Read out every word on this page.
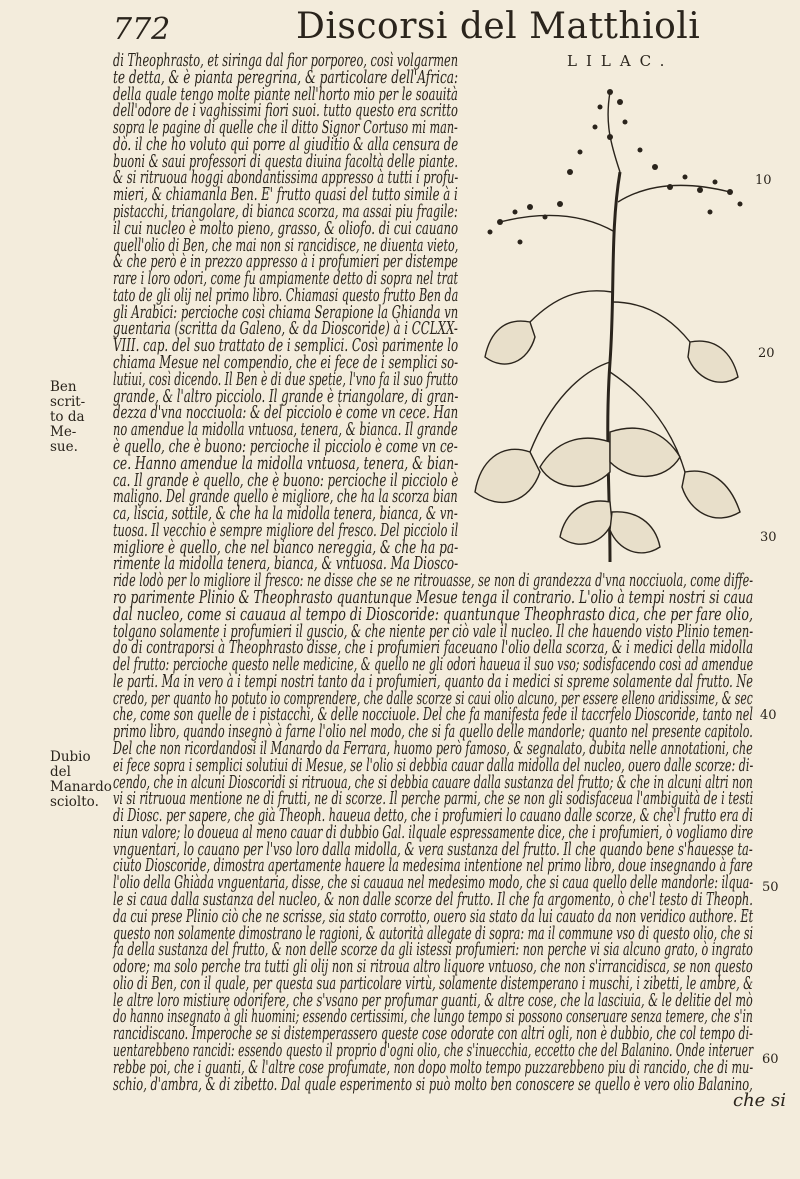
772	Discorsi del Matthioli
LILAC.
10
20
30
40
50
60
Ben scrit-
to da Me-
sue.
Dubio del
Manardo
sciolto.
di Theophrasto, et siringa dal fior porporeo, così volgarmen
te detta, & è pianta peregrina, & particolare dell'Africa:
della quale tengo molte piante nell'horto mio per le soauità
dell'odore de i vaghissimi fiori suoi. tutto questo era scritto
sopra le pagine di quelle che il ditto Signor Cortuso mi man-
dò. il che ho voluto qui porre al giuditio & alla censura de
buoni & saui professori di questa diuina facoltà delle piante.
& si ritruoua hoggi abondantissima appresso à tutti i profu-
mieri, & chiamanla Ben. E' frutto quasi del tutto simile à i
pistacchi, triangolare, di bianca scorza, ma assai piu fragile:
il cui nucleo è molto pieno, grasso, & oliofo. di cui cauano
quell'olio di Ben, che mai non si rancidisce, ne diuenta vieto,
& che però è in prezzo appresso à i profumieri per distempe
rare i loro odori, come fu ampiamente detto di sopra nel trat
tato de gli olij nel primo libro. Chiamasi questo frutto Ben da
gli Arabici: percioche così chiama Serapione la Ghianda vn
guentaria (scritta da Galeno, & da Dioscoride) à i CCLXX-
VIII. cap. del suo trattato de i semplici. Così parimente lo
chiama Mesue nel compendio, che ei fece de i semplici so-
lutiui, così dicendo. Il Ben è di due spetie, l'vno fa il suo frutto
grande, & l'altro picciolo. Il grande è triangolare, di gran-
dezza d'vna nocciuola: & del picciolo è come vn cece. Han
no amendue la midolla vntuosa, tenera, & bianca. Il grande
è quello, che è buono: percioche il picciolo è come vn ce-
ce. Hanno amendue la midolla vntuosa, tenera, & bian-
ca. Il grande è quello, che è buono: percioche il picciolo è
maligno. Del grande quello è migliore, che ha la scorza bian
ca, liscia, sottile, & che ha la midolla tenera, bianca, & vn-
tuosa. Il vecchio è sempre migliore del fresco. Del picciolo il
migliore è quello, che nel bianco nereggia, & che ha pa-
rimente la midolla tenera, bianca, & vntuosa. Ma Diosco-
ride lodò per lo migliore il fresco: ne disse che se ne ritrouasse, se non di grandezza d'vna nocciuola, come diffe-
ro parimente Plinio & Theophrasto quantunque Mesue tenga il contrario. L'olio à tempi nostri si caua
dal nucleo, come si cauaua al tempo di Dioscoride: quantunque Theophrasto dica, che per fare olio,
tolgano solamente i profumieri il guscio, & che niente per ciò vale il nucleo. Il che hauendo visto Plinio temen-
do di contraporsi à Theophrasto disse, che i profumieri faceuano l'olio della scorza, & i medici della midolla
del frutto: percioche questo nelle medicine, & quello ne gli odori haueua il suo vso; sodisfacendo così ad amendue
le parti. Ma in vero à i tempi nostri tanto da i profumieri, quanto da i medici si spreme solamente dal frutto. Ne
credo, per quanto ho potuto io comprendere, che dalle scorze si caui olio alcuno, per essere elleno aridissime, & sec
che, come son quelle de i pistacchi, & delle nocciuole. Del che fa manifesta fede il taccrfelo Dioscoride, tanto nel
primo libro, quando insegnò à farne l'olio nel modo, che si fa quello delle mandorle; quanto nel presente capitolo.
Del che non ricordandosi il Manardo da Ferrara, huomo però famoso, & segnalato, dubita nelle annotationi, che
ei fece sopra i semplici solutiui di Mesue, se l'olio si debbia cauar dalla midolla del nucleo, ouero dalle scorze: di-
cendo, che in alcuni Dioscoridi si ritruoua, che si debbia cauare dalla sustanza del frutto; & che in alcuni altri non
vi si ritruoua mentione ne di frutti, ne di scorze. Il perche parmi, che se non gli sodisfaceua l'ambiguità de i testi
di Diosc. per sapere, che già Theoph. haueua detto, che i profumieri lo cauano dalle scorze, & che'l frutto era di
niun valore; lo doueua al meno cauar di dubbio Gal. ilquale espressamente dice, che i profumieri, ò vogliamo dire
vnguentari, lo cauano per l'vso loro dalla midolla, & vera sustanza del frutto. Il che quando bene s'hauesse ta-
ciuto Dioscoride, dimostra apertamente hauere la medesima intentione nel primo libro, doue insegnando à fare
l'olio della Ghiàda vnguentaria, disse, che si cauaua nel medesimo modo, che si caua quello delle mandorle: ilqua-
le si caua dalla sustanza del nucleo, & non dalle scorze del frutto. Il che fa argomento, ò che'l testo di Theoph.
da cui prese Plinio ciò che ne scrisse, sia stato corrotto, ouero sia stato da lui cauato da non veridico authore. Et
questo non solamente dimostrano le ragioni, & autorità allegate di sopra: ma il commune vso di questo olio, che si
fa della sustanza del frutto, & non delle scorze da gli istessi profumieri: non perche vi sia alcuno grato, ò ingrato
odore; ma solo perche tra tutti gli olij non si ritroua altro liquore vntuoso, che non s'irrancidisca, se non questo
olio di Ben, con il quale, per questa sua particolare virtù, solamente distemperano i muschi, i zibetti, le ambre, &
le altre loro mistiure odorifere, che s'vsano per profumar guanti, & altre cose, che la lasciuia, & le delitie del mò
do hanno insegnato à gli huomini; essendo certissimi, che lungo tempo si possono conseruare senza temere, che s'in
rancidiscano. Imperoche se si distemperassero queste cose odorate con altri ogli, non è dubbio, che col tempo di-
uentarebbeno rancidi: essendo questo il proprio d'ogni olio, che s'inuecchia, eccetto che del Balanino. Onde interuer
rebbe poi, che i guanti, & l'altre cose profumate, non dopo molto tempo puzzarebbeno piu di rancido, che di mu-
schio, d'ambra, & di zibetto. Dal quale esperimento si può molto ben conoscere se quello è vero olio Balanino,
che si
